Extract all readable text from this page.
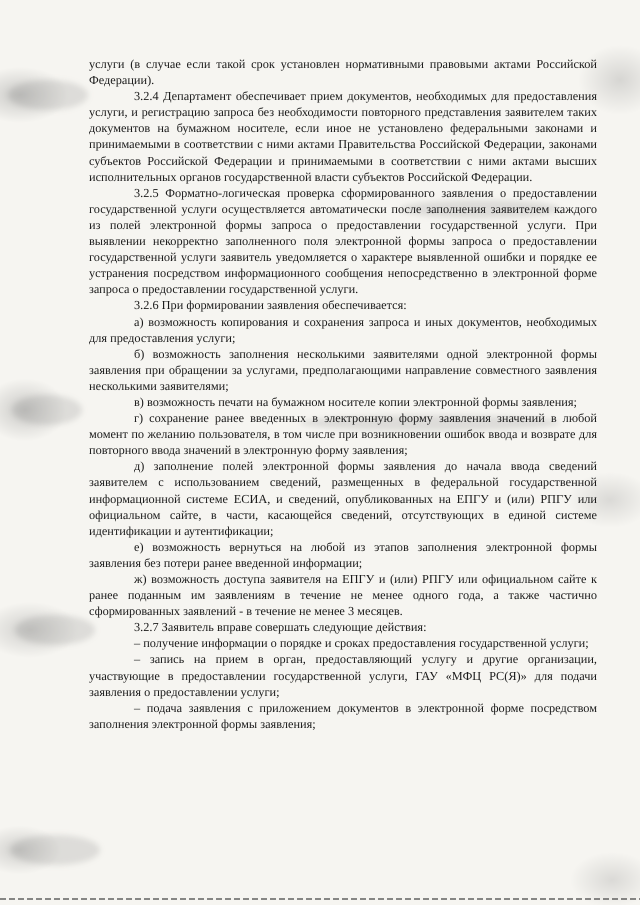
услуги (в случае если такой срок установлен нормативными правовыми актами Российской Федерации).

3.2.4 Департамент обеспечивает прием документов, необходимых для предоставления услуги, и регистрацию запроса без необходимости повторного представления заявителем таких документов на бумажном носителе, если иное не установлено федеральными законами и принимаемыми в соответствии с ними актами Правительства Российской Федерации, законами субъектов Российской Федерации и принимаемыми в соответствии с ними актами высших исполнительных органов государственной власти субъектов Российской Федерации.

3.2.5 Форматно-логическая проверка сформированного заявления о предоставлении государственной услуги осуществляется автоматически после заполнения заявителем каждого из полей электронной формы запроса о предоставлении государственной услуги. При выявлении некорректно заполненного поля электронной формы запроса о предоставлении государственной услуги заявитель уведомляется о характере выявленной ошибки и порядке ее устранения посредством информационного сообщения непосредственно в электронной форме запроса о предоставлении государственной услуги.

3.2.6 При формировании заявления обеспечивается:

а) возможность копирования и сохранения запроса и иных документов, необходимых для предоставления услуги;

б) возможность заполнения несколькими заявителями одной электронной формы заявления при обращении за услугами, предполагающими направление совместного заявления несколькими заявителями;

в) возможность печати на бумажном носителе копии электронной формы заявления;

г) сохранение ранее введенных в электронную форму заявления значений в любой момент по желанию пользователя, в том числе при возникновении ошибок ввода и возврате для повторного ввода значений в электронную форму заявления;

д) заполнение полей электронной формы заявления до начала ввода сведений заявителем с использованием сведений, размещенных в федеральной государственной информационной системе ЕСИА, и сведений, опубликованных на ЕПГУ и (или) РПГУ или официальном сайте, в части, касающейся сведений, отсутствующих в единой системе идентификации и аутентификации;

е) возможность вернуться на любой из этапов заполнения электронной формы заявления без потери ранее введенной информации;

ж) возможность доступа заявителя на ЕПГУ и (или) РПГУ или официальном сайте к ранее поданным им заявлениям в течение не менее одного года, а также частично сформированных заявлений - в течение не менее 3 месяцев.

3.2.7 Заявитель вправе совершать следующие действия:

– получение информации о порядке и сроках предоставления государственной услуги;

– запись на прием в орган, предоставляющий услугу и другие организации, участвующие в предоставлении государственной услуги, ГАУ «МФЦ РС(Я)» для подачи заявления о предоставлении услуги;

– подача заявления с приложением документов в электронной форме посредством заполнения электронной формы заявления;
